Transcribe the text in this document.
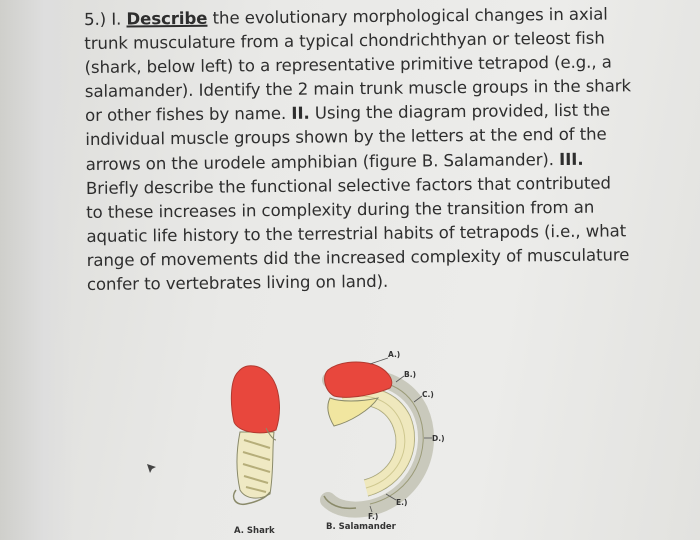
5.) I. Describe the evolutionary morphological changes in axial
trunk musculature from a typical chondrichthyan or teleost fish
(shark, below left) to a representative primitive tetrapod (e.g., a
salamander). Identify the 2 main trunk muscle groups in the shark
or other fishes by name. II. Using the diagram provided, list the
individual muscle groups shown by the letters at the end of the
arrows on the urodele amphibian (figure B. Salamander). III.
Briefly describe the functional selective factors that contributed
to these increases in complexity during the transition from an
aquatic life history to the terrestrial habits of tetrapods (i.e., what
range of movements did the increased complexity of musculature
confer to vertebrates living on land).
A.)
B.)
C.)
D.)
E.)
F.)
A. Shark	B. Salamander
